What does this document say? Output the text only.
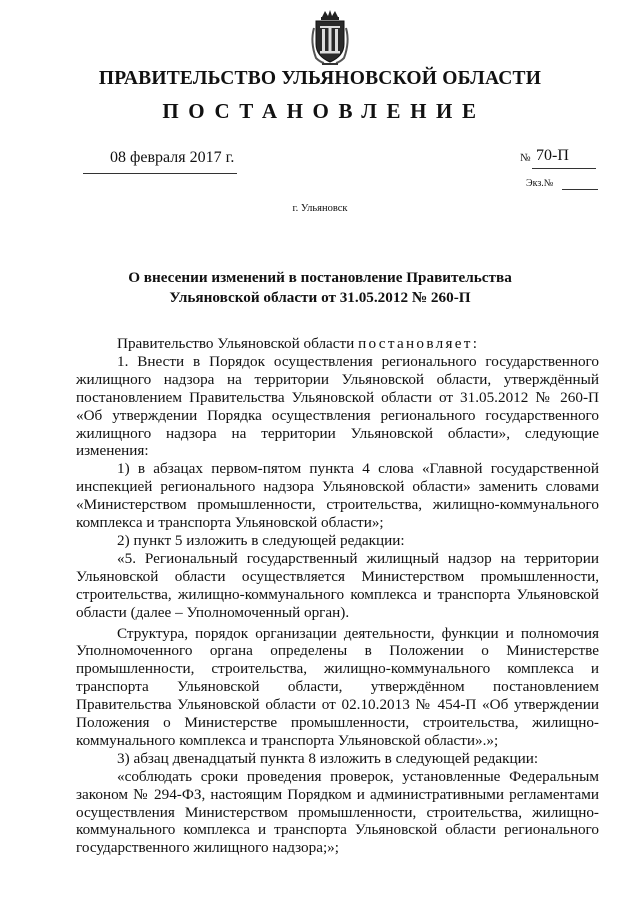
ПРАВИТЕЛЬСТВО УЛЬЯНОВСКОЙ ОБЛАСТИ
ПОСТАНОВЛЕНИЕ
08 февраля 2017 г.	№ 70-П
Экз.№
г. Ульяновск
О внесении изменений в постановление Правительства
Ульяновской области от 31.05.2012 № 260-П

Правительство Ульяновской области постановляет:

1. Внести в Порядок осуществления регионального государственного жилищного надзора на территории Ульяновской области, утверждённый постановлением Правительства Ульяновской области от 31.05.2012 № 260-П «Об утверждении Порядка осуществления регионального государственного жилищного надзора на территории Ульяновской области», следующие изменения:

1) в абзацах первом-пятом пункта 4 слова «Главной государственной инспекцией регионального надзора Ульяновской области» заменить словами «Министерством промышленности, строительства, жилищно-коммунального комплекса и транспорта Ульяновской области»;

2) пункт 5 изложить в следующей редакции:

«5. Региональный государственный жилищный надзор на территории Ульяновской области осуществляется Министерством промышленности, строительства, жилищно-коммунального комплекса и транспорта Ульяновской области (далее – Уполномоченный орган).

Структура, порядок организации деятельности, функции и полномочия Уполномоченного органа определены в Положении о Министерстве промышленности, строительства, жилищно-коммунального комплекса и транспорта Ульяновской области, утверждённом постановлением Правительства Ульяновской области от 02.10.2013 № 454-П «Об утверждении Положения о Министерстве промышленности, строительства, жилищно-коммунального комплекса и транспорта Ульяновской области».»;

3) абзац двенадцатый пункта 8 изложить в следующей редакции:

«соблюдать сроки проведения проверок, установленные Федеральным законом № 294-ФЗ, настоящим Порядком и административными регламентами осуществления Министерством промышленности, строительства, жилищно-коммунального комплекса и транспорта Ульяновской области регионального государственного жилищного надзора;»;
